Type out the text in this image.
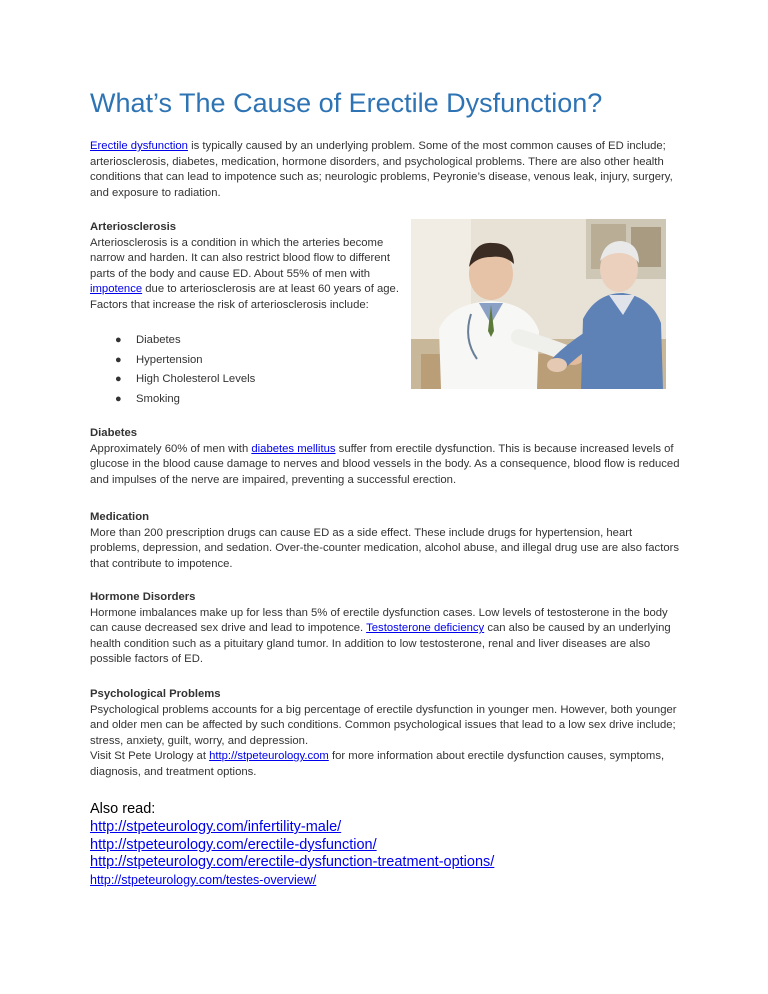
What’s The Cause of Erectile Dysfunction?
Erectile dysfunction is typically caused by an underlying problem. Some of the most common causes of ED include; arteriosclerosis, diabetes, medication, hormone disorders, and psychological problems. There are also other health conditions that can lead to impotence such as; neurologic problems, Peyronie’s disease, venous leak, injury, surgery, and exposure to radiation.
Arteriosclerosis
Arteriosclerosis is a condition in which the arteries become narrow and harden. It can also restrict blood flow to different parts of the body and cause ED. About 55% of men with impotence due to arteriosclerosis are at least 60 years of age.
Factors that increase the risk of arteriosclerosis include:
● Diabetes
● Hypertension
● High Cholesterol Levels
● Smoking
Diabetes
Approximately 60% of men with diabetes mellitus suffer from erectile dysfunction. This is because increased levels of glucose in the blood cause damage to nerves and blood vessels in the body. As a consequence, blood flow is reduced and impulses of the nerve are impaired, preventing a successful erection.
Medication
More than 200 prescription drugs can cause ED as a side effect. These include drugs for hypertension, heart problems, depression, and sedation. Over-the-counter medication, alcohol abuse, and illegal drug use are also factors that contribute to impotence.
Hormone Disorders
Hormone imbalances make up for less than 5% of erectile dysfunction cases. Low levels of testosterone in the body can cause decreased sex drive and lead to impotence. Testosterone deficiency can also be caused by an underlying health condition such as a pituitary gland tumor. In addition to low testosterone, renal and liver diseases are also possible factors of ED.
Psychological Problems
Psychological problems accounts for a big percentage of erectile dysfunction in younger men. However, both younger and older men can be affected by such conditions. Common psychological issues that lead to a low sex drive include; stress, anxiety, guilt, worry, and depression.
Visit St Pete Urology at http://stpeteurology.com for more information about erectile dysfunction causes, symptoms, diagnosis, and treatment options.
Also read:
http://stpeteurology.com/infertility-male/
http://stpeteurology.com/erectile-dysfunction/
http://stpeteurology.com/erectile-dysfunction-treatment-options/
http://stpeteurology.com/testes-overview/
